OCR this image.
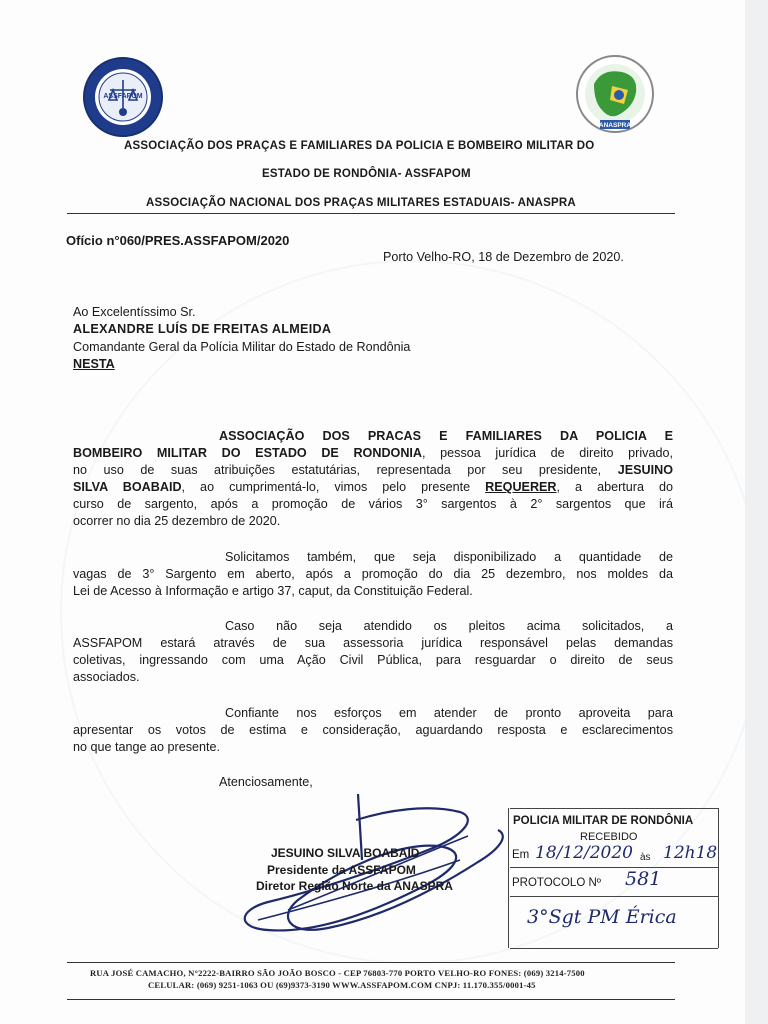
ASSFAPOM
ANASPRA
ASSOCIAÇÃO DOS PRAÇAS E FAMILIARES DA POLICIA E BOMBEIRO MILITAR DO
ESTADO DE RONDÔNIA- ASSFAPOM
ASSOCIAÇÃO NACIONAL DOS PRAÇAS MILITARES ESTADUAIS- ANASPRA
Ofício n°060/PRES.ASSFAPOM/2020
Porto Velho-RO, 18 de Dezembro de 2020.
Ao Excelentíssimo Sr.
ALEXANDRE LUÍS DE FREITAS ALMEIDA
Comandante Geral da Polícia Militar do Estado de Rondônia
NESTA
ASSOCIAÇÃO DOS PRACAS E FAMILIARES DA POLICIA E
BOMBEIRO MILITAR DO ESTADO DE RONDONIA, pessoa jurídica de direito privado,
no uso de suas atribuições estatutárias, representada por seu presidente, JESUINO
SILVA BOABAID, ao cumprimentá-lo, vimos pelo presente REQUERER, a abertura do
curso de sargento, após a promoção de vários 3° sargentos à 2° sargentos que irá
ocorrer no dia 25 dezembro de 2020.
Solicitamos também, que seja disponibilizado a quantidade de
vagas de 3° Sargento em aberto, após a promoção do dia 25 dezembro, nos moldes da
Lei de Acesso à Informação e artigo 37, caput, da Constituição Federal.
Caso não seja atendido os pleitos acima solicitados, a
ASSFAPOM estará através de sua assessoria jurídica responsável pelas demandas
coletivas, ingressando com uma Ação Civil Pública, para resguardar o direito de seus
associados.
Confiante nos esforços em atender de pronto aproveita para
apresentar os votos de estima e consideração, aguardando resposta e esclarecimentos
no que tange ao presente.
Atenciosamente,
JESUINO SILVA BOABAID
Presidente da ASSFAPOM
Diretor Região Norte da ANASPRA
POLICIA MILITAR DE RONDÔNIA
RECEBIDO
Em 18/12/2020 às 12h18
PROTOCOLO Nº 581
3°Sgt PM Érica
RUA JOSÉ CAMACHO, N°2222-BAIRRO SÃO JOÃO BOSCO - CEP 76803-770 PORTO VELHO-RO FONES: (069) 3214-7500
CELULAR: (069) 9251-1063 OU (69)9373-3190 WWW.ASSFAPOM.COM CNPJ: 11.170.355/0001-45
